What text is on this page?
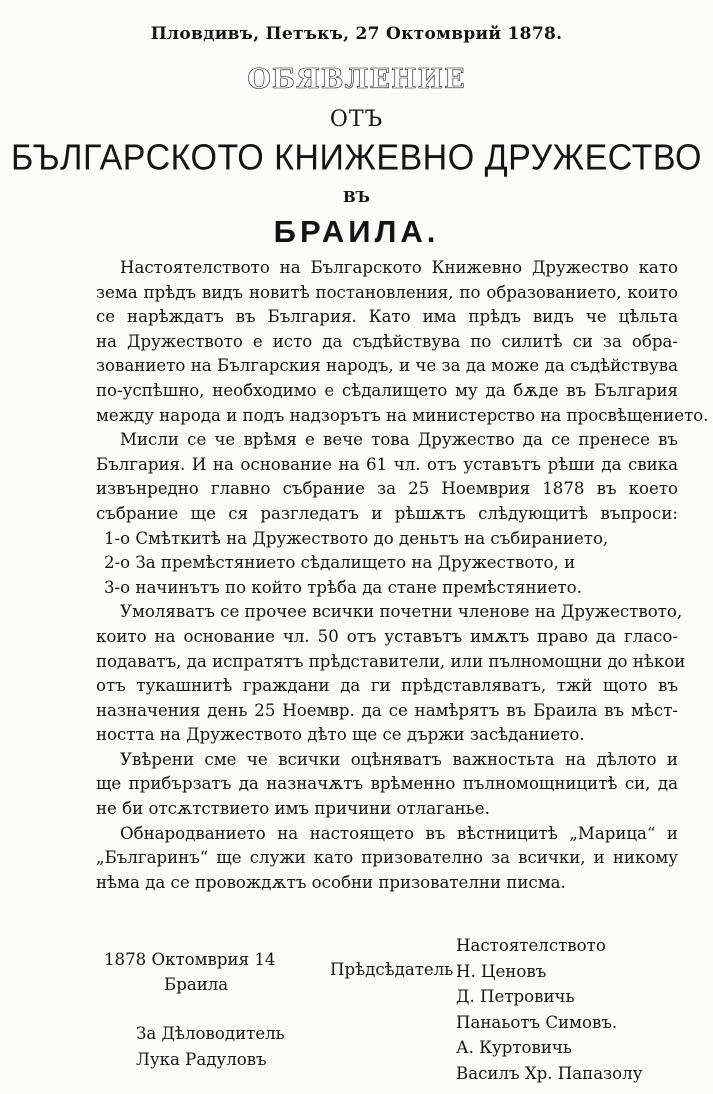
Пловдивъ, Петъкъ, 27 Октомврий 1878.
ОБЯВЛЕНИЕ
ОТЪ
БЪЛГАРСКОТО КНИЖЕВНО ДРУЖЕСТВО
ВЪ
БРАИЛА.
Настоятелството на Българското Книжевно Дружество като
зема прѣдъ видъ новитѣ постановления, по образованието, които
се нарѣждатъ въ България. Като има прѣдъ видъ че цѣльта
на Дружеството е исто да съдѣйствува по силитѣ си за обра-
зованието на Българския народъ, и че за да може да съдѣйствува
по-успѣшно, необходимо е сѣдалището му да бѫде въ България
между народа и подъ надзорътъ на министерство на просвѣщението.
Мисли се че врѣмя е вече това Дружество да се пренесе въ
България. И на основание на 61 чл. отъ уставътъ рѣши да свика
извънредно главно събрание за 25 Ноемврия 1878 въ което
събрание ще ся разгледатъ и рѣшѫтъ слѣдующитѣ въпроси:
1-о Смѣткитѣ на Дружеството до деньтъ на събиранието,
2-о За премѣстянието сѣдалището на Дружеството, и
3-о начинътъ по който трѣба да стане премѣстянието.
Умоляватъ се прочее всички почетни членове на Дружеството,
които на основание чл. 50 отъ уставътъ имѫтъ право да гласо-
подаватъ, да испратятъ прѣдставители, или пълномощни до нѣкои
отъ тукашнитѣ граждани да ги прѣдставляватъ, тжй щото въ
назначения день 25 Ноемвр. да се намѣрятъ въ Браила въ мѣст-
ността на Дружеството дѣто ще се държи засѣданието.
Увѣрени сме че всички оцѣняватъ важностьта на дѣлото и
ще прибързатъ да назначѫтъ врѣменно пълномощницитѣ си, да
не би отсѫтствието имъ причини отлаганье.
Обнародванието на настоящето въ вѣстницитѣ „Марица“ и
„Българинъ“ ще служи като призователно за всички, и никому
нѣма да се провождѫтъ особни призователни писма.
1878 Октомврия 14
Браила
За Дѣловодитель
Лука Радуловъ
Прѣдсѣдатель
Настоятелството
Н. Ценовъ
Д. Петровичь
Панаьотъ Симовъ.
А. Куртовичь
Василъ Хр. Папазолу
